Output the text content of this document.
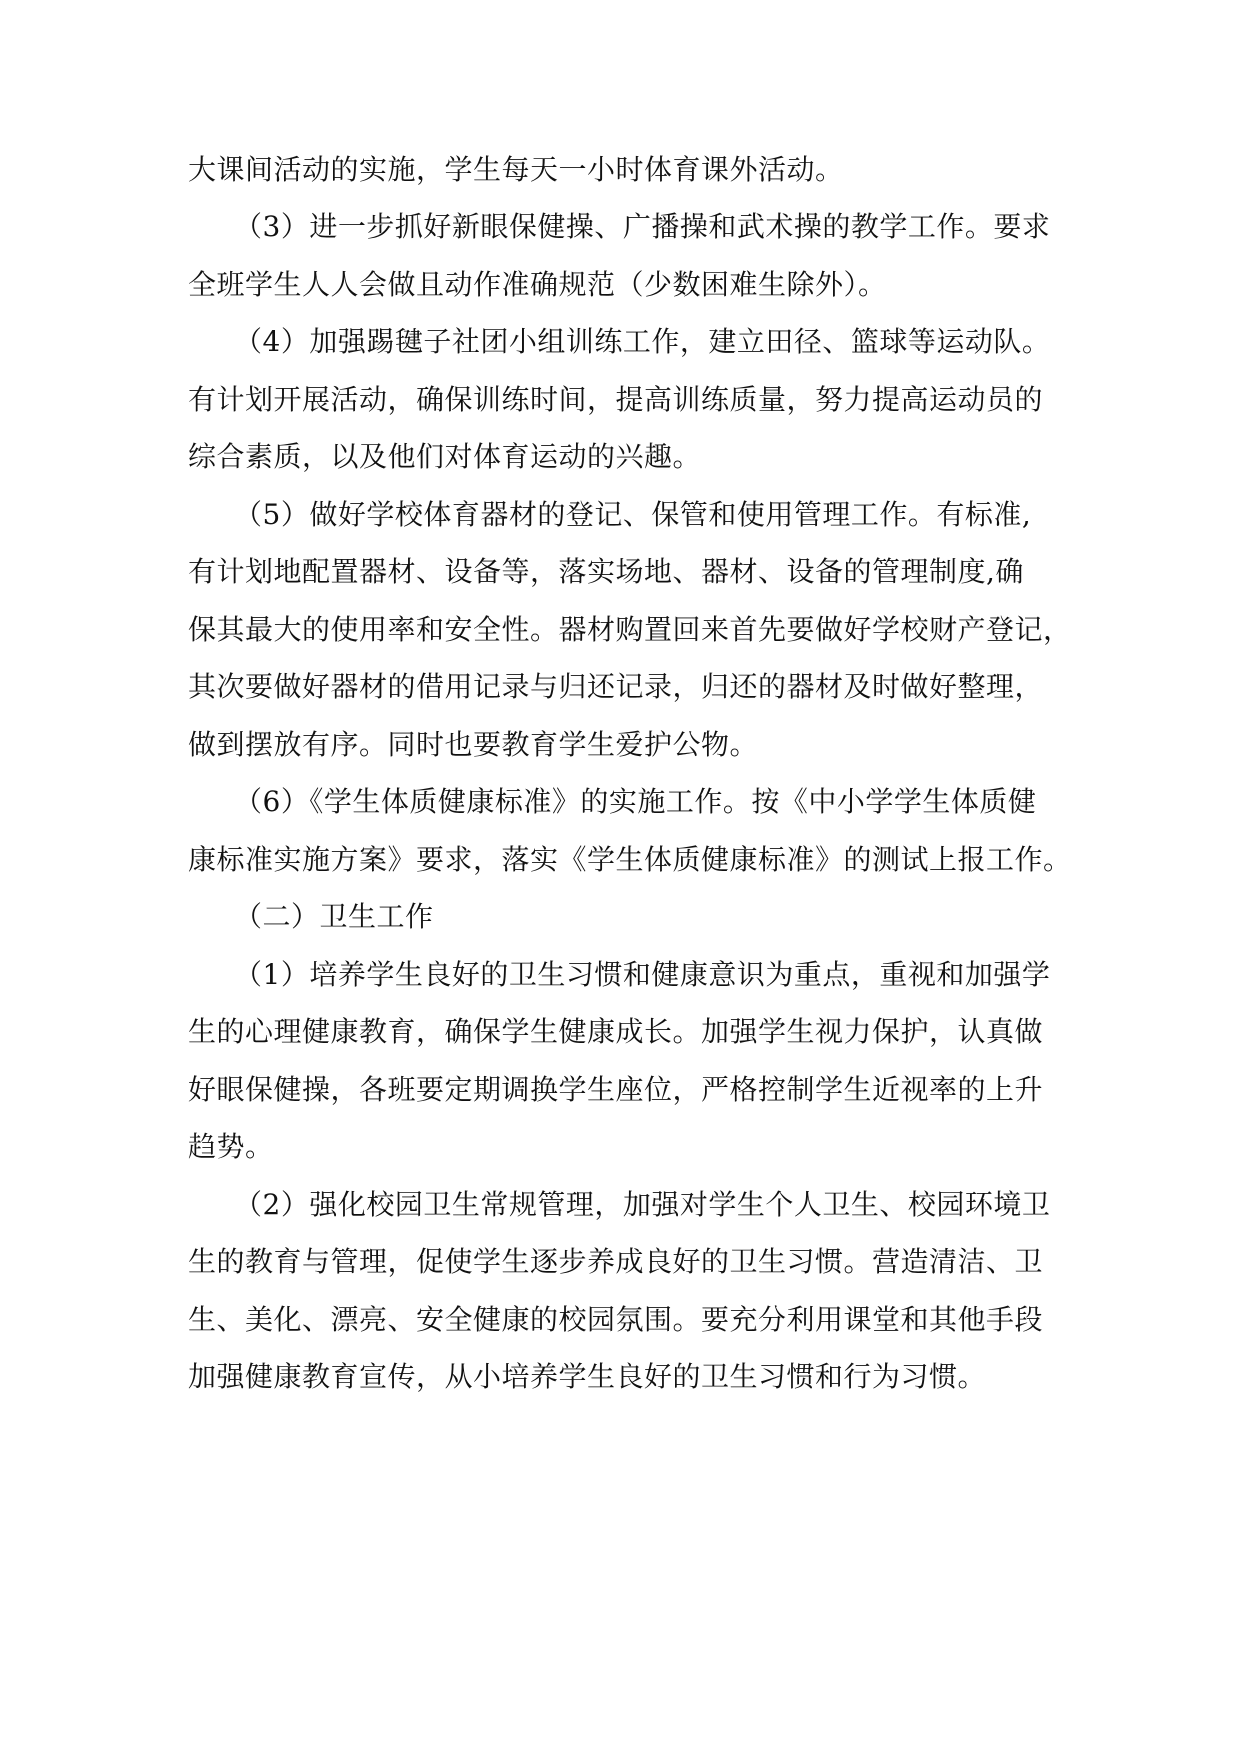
大课间活动的实施，学生每天一小时体育课外活动。
（3）进一步抓好新眼保健操、广播操和武术操的教学工作。要求
全班学生人人会做且动作准确规范（少数困难生除外）。
（4）加强踢毽子社团小组训练工作，建立田径、篮球等运动队。
有计划开展活动，确保训练时间，提高训练质量，努力提高运动员的
综合素质，以及他们对体育运动的兴趣。
（5）做好学校体育器材的登记、保管和使用管理工作。有标准,
有计划地配置器材、设备等，落实场地、器材、设备的管理制度,确
保其最大的使用率和安全性。器材购置回来首先要做好学校财产登记，
其次要做好器材的借用记录与归还记录，归还的器材及时做好整理，
做到摆放有序。同时也要教育学生爱护公物。
（6）《学生体质健康标准》的实施工作。按《中小学学生体质健
康标准实施方案》要求，落实《学生体质健康标准》的测试上报工作。
（二）卫生工作
（1）培养学生良好的卫生习惯和健康意识为重点，重视和加强学
生的心理健康教育，确保学生健康成长。加强学生视力保护，认真做
好眼保健操，各班要定期调换学生座位，严格控制学生近视率的上升
趋势。
（2）强化校园卫生常规管理，加强对学生个人卫生、校园环境卫
生的教育与管理，促使学生逐步养成良好的卫生习惯。营造清洁、卫
生、美化、漂亮、安全健康的校园氛围。要充分利用课堂和其他手段
加强健康教育宣传，从小培养学生良好的卫生习惯和行为习惯。
